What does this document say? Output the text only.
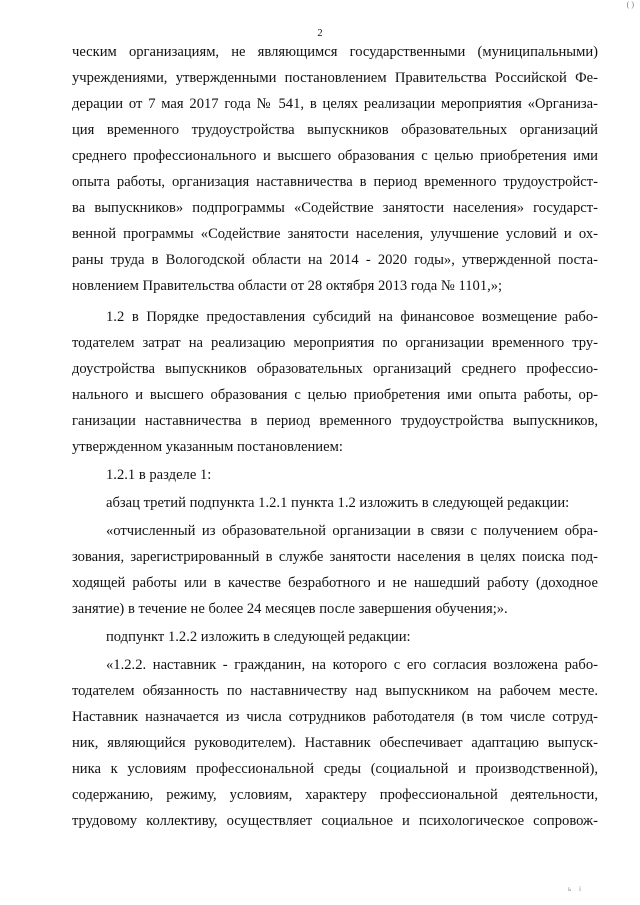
( )
2
ческим организациям, не являющимся государственными (муниципальными)
учреждениями, утвержденными постановлением Правительства Российской Фе-
дерации от 7 мая 2017 года № 541, в целях реализации мероприятия «Организа-
ция временного трудоустройства выпускников образовательных организаций
среднего профессионального и высшего образования с целью приобретения ими
опыта работы, организация наставничества в период временного трудоустройст-
ва выпускников» подпрограммы «Содействие занятости населения» государст-
венной программы «Содействие занятости населения, улучшение условий и ох-
раны труда в Вологодской области на 2014 - 2020 годы», утвержденной поста-
новлением Правительства области от 28 октября 2013 года № 1101,»;
1.2 в Порядке предоставления субсидий на финансовое возмещение рабо-
тодателем затрат на реализацию мероприятия по организации временного тру-
доустройства выпускников образовательных организаций среднего профессио-
нального и высшего образования с целью приобретения ими опыта работы, ор-
ганизации наставничества в период временного трудоустройства выпускников,
утвержденном указанным постановлением:
1.2.1 в разделе 1:
абзац третий подпункта 1.2.1 пункта 1.2 изложить в следующей редакции:
«отчисленный из образовательной организации в связи с получением обра-
зования, зарегистрированный в службе занятости населения в целях поиска под-
ходящей работы или в качестве безработного и не нашедший работу (доходное
занятие) в течение не более 24 месяцев после завершения обучения;».
подпункт 1.2.2 изложить в следующей редакции:
«1.2.2. наставник - гражданин, на которого с его согласия возложена рабо-
тодателем обязанность по наставничеству над выпускником на рабочем месте.
Наставник назначается из числа сотрудников работодателя (в том числе сотруд-
ник, являющийся руководителем). Наставник обеспечивает адаптацию выпуск-
ника к условиям профессиональной среды (социальной и производственной),
содержанию, режиму, условиям, характеру профессиональной деятельности,
трудовому коллективу, осуществляет социальное и психологическое сопровож-
ь і
